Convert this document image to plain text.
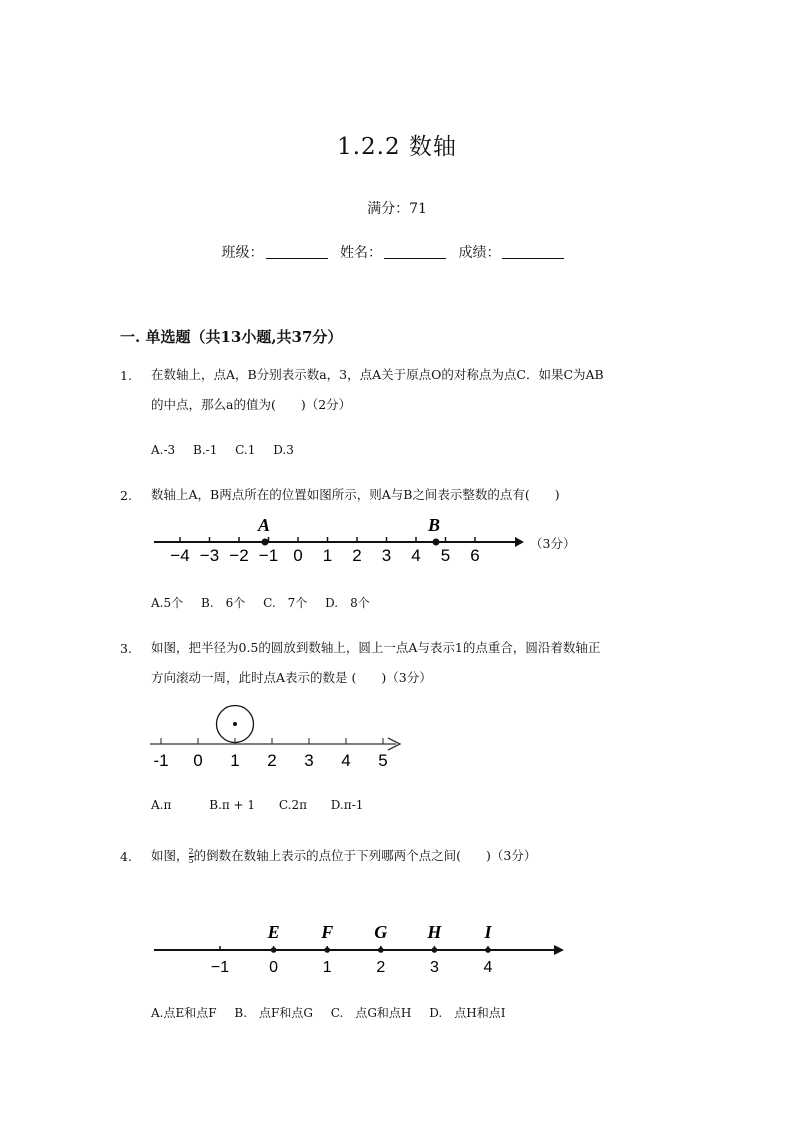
1.2.2 数轴
满分：71
班级：	姓名：	成绩：
一. 单选题（共13小题,共37分）
1. 在数轴上，点A，B分别表示数a，3，点A关于原点O的对称点为点C．如果C为AB
的中点，那么a的值为(　　)（2分）
A.-3 B.-1 C.1 D.3
2. 数轴上A，B两点所在的位置如图所示，则A与B之间表示整数的点有(　　)
−4 −3 −2 −1 0 1 2 3 4 5 6
A	B
（3分）
A.5个 B.　6个 C.　7个 D.　8个
3. 如图，把半径为0.5的圆放到数轴上，圆上一点A与表示1的点重合，圆沿着数轴正
方向滚动一周，此时点A表示的数是 (　　)（3分）
-1 0 1 2 3 4 5
A.π	B.π + 1 C.2π D.π-1
4. 如图， $\frac{2}{5}$ 的倒数在数轴上表示的点位于下列哪两个点之间(　　)（3分）
−1	0	1	2	3	4
E F G H I
A.点E和点F B.　点F和点G C.　点G和点H D.　点H和点I
